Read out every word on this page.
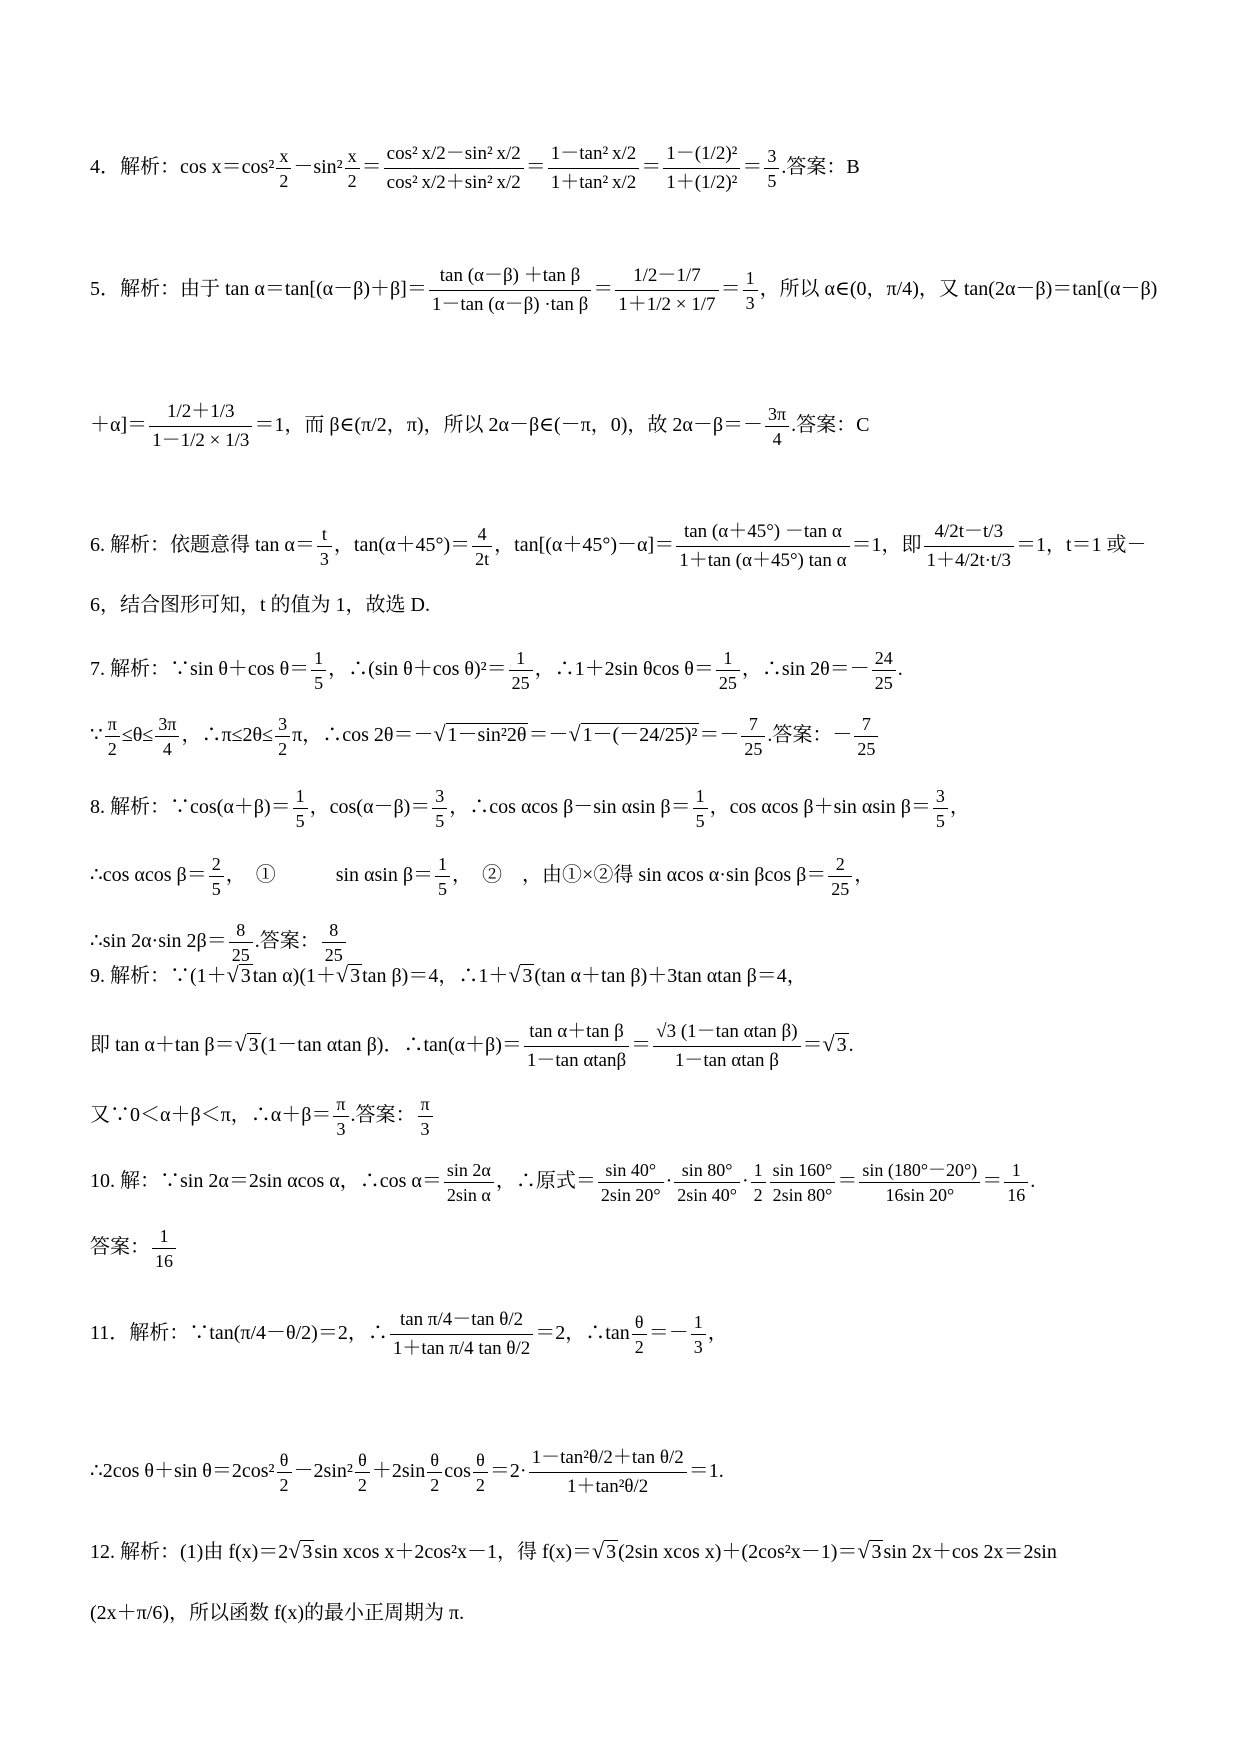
4．解析：$\cos x=\cos^2 \frac{x}{2} -\sin^2 \frac{x}{2} = \frac{\text{cos² x/2－sin² x/2}}{\text{cos² x/2＋sin² x/2}} = \frac{\text{1－tan² x/2}}{\text{1＋tan² x/2}} = \frac{\text{1－(1/2)²}}{\text{1＋(1/2)²}} = \frac{3}{5}$ .答案：B
5．解析：由于 $\tan \alpha=\tan[(\alpha-\beta)+\beta]= \frac{\text{tan (α－β) ＋tan β}}{\text{1－tan (α－β) ·tan β}} = \frac{1/2-1/7}{1+1/2 \times 1/7} = \frac{1}{3}$ ，所以 α∈(0，π/4)，又 tan(2α－β)＝tan[(α－β)
$+\alpha]= \frac{1/2+1/3}{1-1/2 \times 1/3} =1$，而 β∈(π/2，π)，所以 2α－β∈(－π，0)，故 $2\alpha-\beta=- \frac{3\pi}{4}$ .答案：C
6. 解析：依题意得 $\tan \alpha= \frac{t}{3}$ ，$\tan(\alpha+45^\circ)= \frac{4}{2t}$ ，$\tan[(\alpha+45^\circ)-\alpha]= \frac{\text{tan (α＋45°) －tan α}}{\text{1＋tan (α＋45°) tan α}} =1$，即 $\frac{4/2t-t/3}{1+4/2t\cdot t/3} =1$，t＝1 或－
6，结合图形可知，t 的值为 1，故选 D.
7. 解析：∵sin θ＋cos $\theta= \frac{1}{5}$ ，∴(sin θ＋cos $\theta)^2= \frac{1}{25}$ ，∴1＋2sin θcos $\theta= \frac{1}{25}$ ，∴sin $2\theta=- \frac{24}{25}$ .
∵ $\frac{\pi}{2} \le\theta\le \frac{3\pi}{4}$ ，∴π≤2θ≤ $\frac{3}{2}$ π，∴cos 2θ＝－√ 1－sin²2θ ＝－√ $1-(-24/25)^2 =- \frac{7}{25}$ .答案：－ $\frac{7}{25}$
8. 解析：∵cos(α＋β)＝ $\frac{1}{5}$ ，$\cos(\alpha-\beta)= \frac{3}{5}$ ，∴cos αcos β－sin αsin $\beta= \frac{1}{5}$ ，cos αcos β＋sin αsin $\beta= \frac{3}{5}$ ，
∴cos αcos $\beta= \frac{2}{5}$ ，　①　　　sin αsin $\beta= \frac{1}{5}$ ，　②　，由①×②得 sin αcos α·sin βcos $\beta= \frac{2}{25}$ ，
∴sin 2α·sin $2\beta= \frac{8}{25}$ .答案： $\frac{8}{25}$
9. 解析：∵(1＋√ 3 tan α)(1＋√ 3 tan β)＝4，∴1＋√ 3 (tan α＋tan β)＋3tan αtan β＝4，
即 tan α＋tan β＝√ 3 (1－tan αtan β)．∴tan(α＋β)＝ $\frac{\text{tan α＋tan β}}{\text{1－tan αtanβ}} = \frac{\text{√3 (1－tan αtan β)}}{\text{1－tan αtan β}}$ ＝√ 3 .
又∵0＜α＋β＜π，∴α＋β＝ $\frac{\pi}{3}$ .答案： $\frac{\pi}{3}$
10. 解：∵sin 2α＝2sin αcos α，∴cos $\alpha= \frac{\sin 2\alpha}{\text{2sin α}}$ ，∴原式＝ $\frac{\sin 40^\circ}{2\sin 20^\circ} \cdot \frac{\sin 80^\circ}{2\sin 40^\circ} \cdot \frac{1}{2} \frac{\sin 160^\circ}{2\sin 80^\circ} = \frac{\sin (180^\circ-20^\circ)}{16\sin 20^\circ} = \frac{1}{16}$ .
答案： $\frac{1}{16}$
11．解析：∵tan(π/4－θ/2)＝2，∴ $\frac{\text{tan π/4－tan θ/2}}{\text{1＋tan π/4 tan θ/2}} =2$，∴tan $\frac{\theta}{2} =- \frac{1}{3}$ ，
∴2cos θ＋sin $\theta=2\cos^2 \frac{\theta}{2} -2\sin^2 \frac{\theta}{2} +2\sin \frac{\theta}{2}$ $\cos \frac{\theta}{2} =2\cdot \frac{\text{1－tan²θ/2＋tan θ/2}}{\text{1＋tan²θ/2}} =1$.
12. 解析：(1)由 f(x)＝2√ 3 sin xcos x＋2cos²x－1，得 f(x)＝√ 3 (2sin xcos x)＋(2cos²x－1)＝√ 3 sin 2x＋cos 2x＝2sin
(2x＋π/6)，所以函数 f(x)的最小正周期为 π.
